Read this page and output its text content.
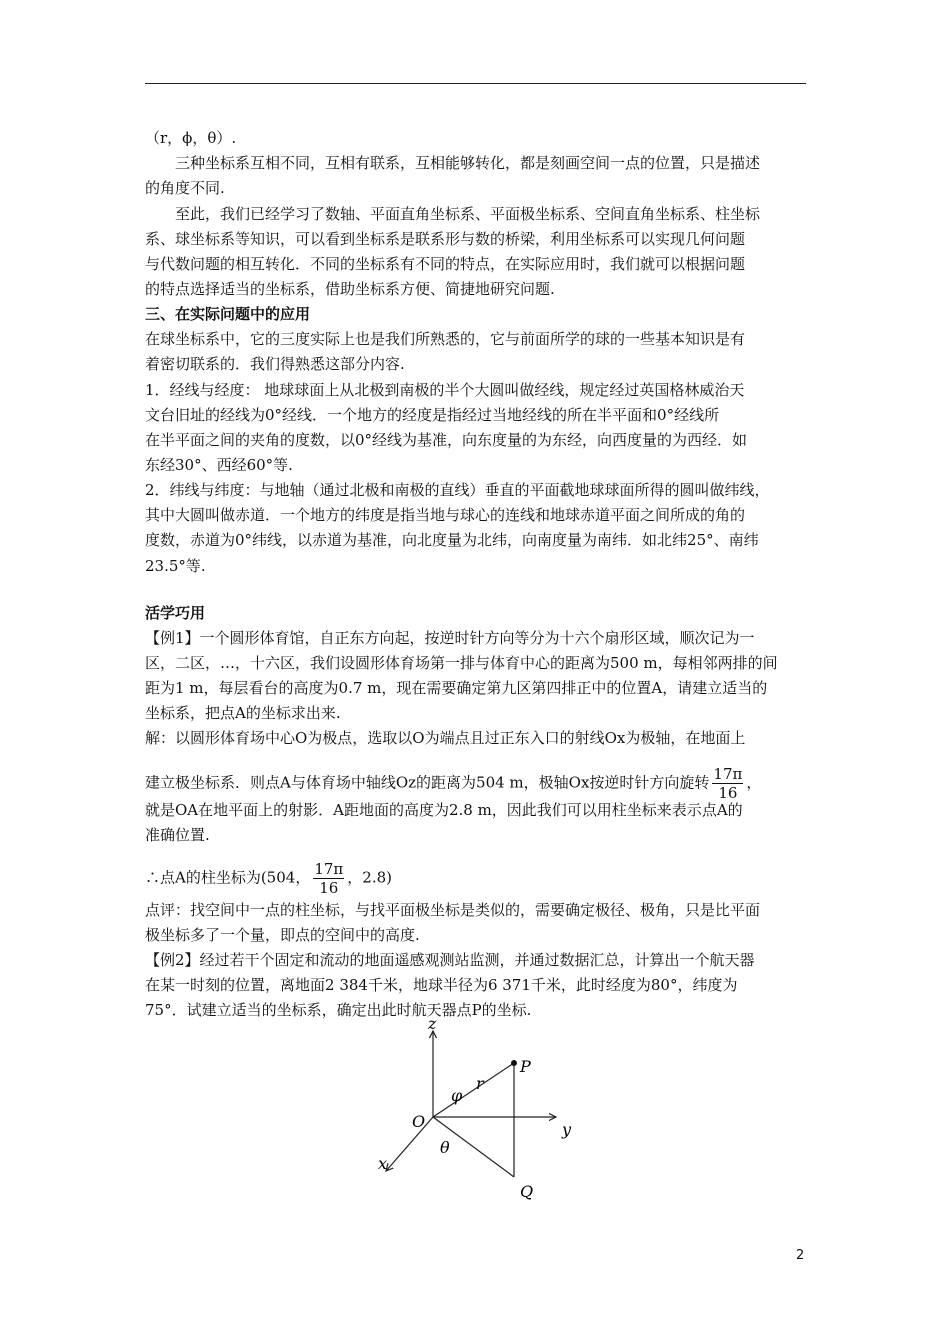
（r，ϕ，θ）.
三种坐标系互相不同，互相有联系，互相能够转化，都是刻画空间一点的位置，只是描述
的角度不同.
至此，我们已经学习了数轴、平面直角坐标系、平面极坐标系、空间直角坐标系、柱坐标
系、球坐标系等知识，可以看到坐标系是联系形与数的桥梁，利用坐标系可以实现几何问题
与代数问题的相互转化．不同的坐标系有不同的特点，在实际应用时，我们就可以根据问题
的特点选择适当的坐标系，借助坐标系方便、简捷地研究问题.
三、在实际问题中的应用
在球坐标系中，它的三度实际上也是我们所熟悉的，它与前面所学的球的一些基本知识是有
着密切联系的．我们得熟悉这部分内容.
1．经线与经度： 地球球面上从北极到南极的半个大圆叫做经线，规定经过英国格林威治天
文台旧址的经线为0°经线．一个地方的经度是指经过当地经线的所在半平面和0°经线所
在半平面之间的夹角的度数，以0°经线为基准，向东度量的为东经，向西度量的为西经．如
东经30°、西经60°等.
2．纬线与纬度：与地轴（通过北极和南极的直线）垂直的平面截地球球面所得的圆叫做纬线，
其中大圆叫做赤道．一个地方的纬度是指当地与球心的连线和地球赤道平面之间所成的角的
度数，赤道为0°纬线，以赤道为基准，向北度量为北纬，向南度量为南纬．如北纬25°、南纬
23.5°等.
活学巧用
【例1】一个圆形体育馆，自正东方向起，按逆时针方向等分为十六个扇形区域，顺次记为一
区，二区，…，十六区，我们设圆形体育场第一排与体育中心的距离为500 m，每相邻两排的间
距为1 m，每层看台的高度为0.7 m，现在需要确定第九区第四排正中的位置A，请建立适当的
坐标系，把点A的坐标求出来.
解：以圆形体育场中心O为极点，选取以O为端点且过正东入口的射线Ox为极轴，在地面上
建立极坐标系．则点A与体育场中轴线Oz的距离为504 m，极轴Ox按逆时针方向旋转 $\frac{17\pi}{16}$ ，
就是OA在地平面上的射影．A距地面的高度为2.8 m，因此我们可以用柱坐标来表示点A的
准确位置.
∴点A的柱坐标为(504， $\frac{17\pi}{16}$ ，2.8)
点评：找空间中一点的柱坐标，与找平面极坐标是类似的，需要确定极径、极角，只是比平面
极坐标多了一个量，即点的空间中的高度.
【例2】经过若干个固定和流动的地面遥感观测站监测，并通过数据汇总，计算出一个航天器
在某一时刻的位置，离地面2 384千米，地球半径为6 371千米，此时经度为80°，纬度为
75°．试建立适当的坐标系，确定出此时航天器点P的坐标.
z
y
x
O
P
Q
r
φ
θ
2
